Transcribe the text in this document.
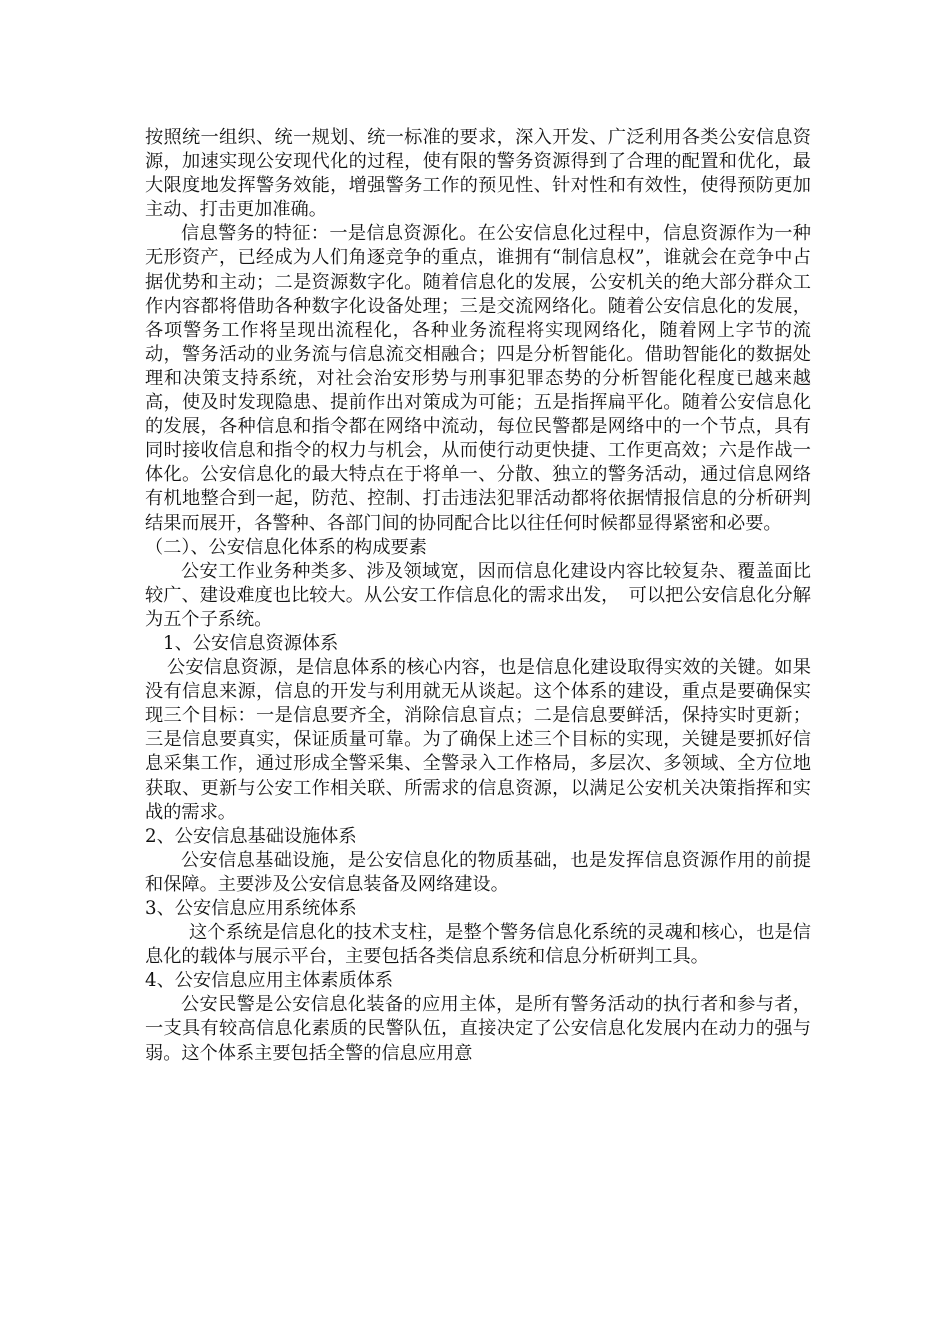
按照统一组织、统一规划、统一标准的要求，深入开发、广泛利用各类公安信息资源，加速实现公安现代化的过程，使有限的警务资源得到了合理的配置和优化，最大限度地发挥警务效能，增强警务工作的预见性、针对性和有效性，使得预防更加主动、打击更加准确。

信息警务的特征：一是信息资源化。在公安信息化过程中，信息资源作为一种无形资产，已经成为人们角逐竞争的重点，谁拥有“制信息权”，谁就会在竞争中占据优势和主动；二是资源数字化。随着信息化的发展，公安机关的绝大部分群众工作内容都将借助各种数字化设备处理；三是交流网络化。随着公安信息化的发展，各项警务工作将呈现出流程化，各种业务流程将实现网络化，随着网上字节的流动，警务活动的业务流与信息流交相融合；四是分析智能化。借助智能化的数据处理和决策支持系统，对社会治安形势与刑事犯罪态势的分析智能化程度已越来越高，使及时发现隐患、提前作出对策成为可能；五是指挥扁平化。随着公安信息化的发展，各种信息和指令都在网络中流动，每位民警都是网络中的一个节点，具有同时接收信息和指令的权力与机会，从而使行动更快捷、工作更高效；六是作战一体化。公安信息化的最大特点在于将单一、分散、独立的警务活动，通过信息网络有机地整合到一起，防范、控制、打击违法犯罪活动都将依据情报信息的分析研判结果而展开，各警种、各部门间的协同配合比以往任何时候都显得紧密和必要。

（二）、公安信息化体系的构成要素

公安工作业务种类多、涉及领域宽，因而信息化建设内容比较复杂、覆盖面比较广、建设难度也比较大。从公安工作信息化的需求出发，　可以把公安信息化分解为五个子系统。

1、公安信息资源体系

公安信息资源，是信息体系的核心内容，也是信息化建设取得实效的关键。如果没有信息来源，信息的开发与利用就无从谈起。这个体系的建设，重点是要确保实现三个目标：一是信息要齐全，消除信息盲点；二是信息要鲜活，保持实时更新；三是信息要真实，保证质量可靠。为了确保上述三个目标的实现，关键是要抓好信息采集工作，通过形成全警采集、全警录入工作格局，多层次、多领域、全方位地获取、更新与公安工作相关联、所需求的信息资源，以满足公安机关决策指挥和实战的需求。

2、公安信息基础设施体系

公安信息基础设施，是公安信息化的物质基础，也是发挥信息资源作用的前提和保障。主要涉及公安信息装备及网络建设。

3、公安信息应用系统体系

这个系统是信息化的技术支柱，是整个警务信息化系统的灵魂和核心，也是信息化的载体与展示平台，主要包括各类信息系统和信息分析研判工具。

4、公安信息应用主体素质体系

公安民警是公安信息化装备的应用主体，是所有警务活动的执行者和参与者，一支具有较高信息化素质的民警队伍，直接决定了公安信息化发展内在动力的强与弱。这个体系主要包括全警的信息应用意
